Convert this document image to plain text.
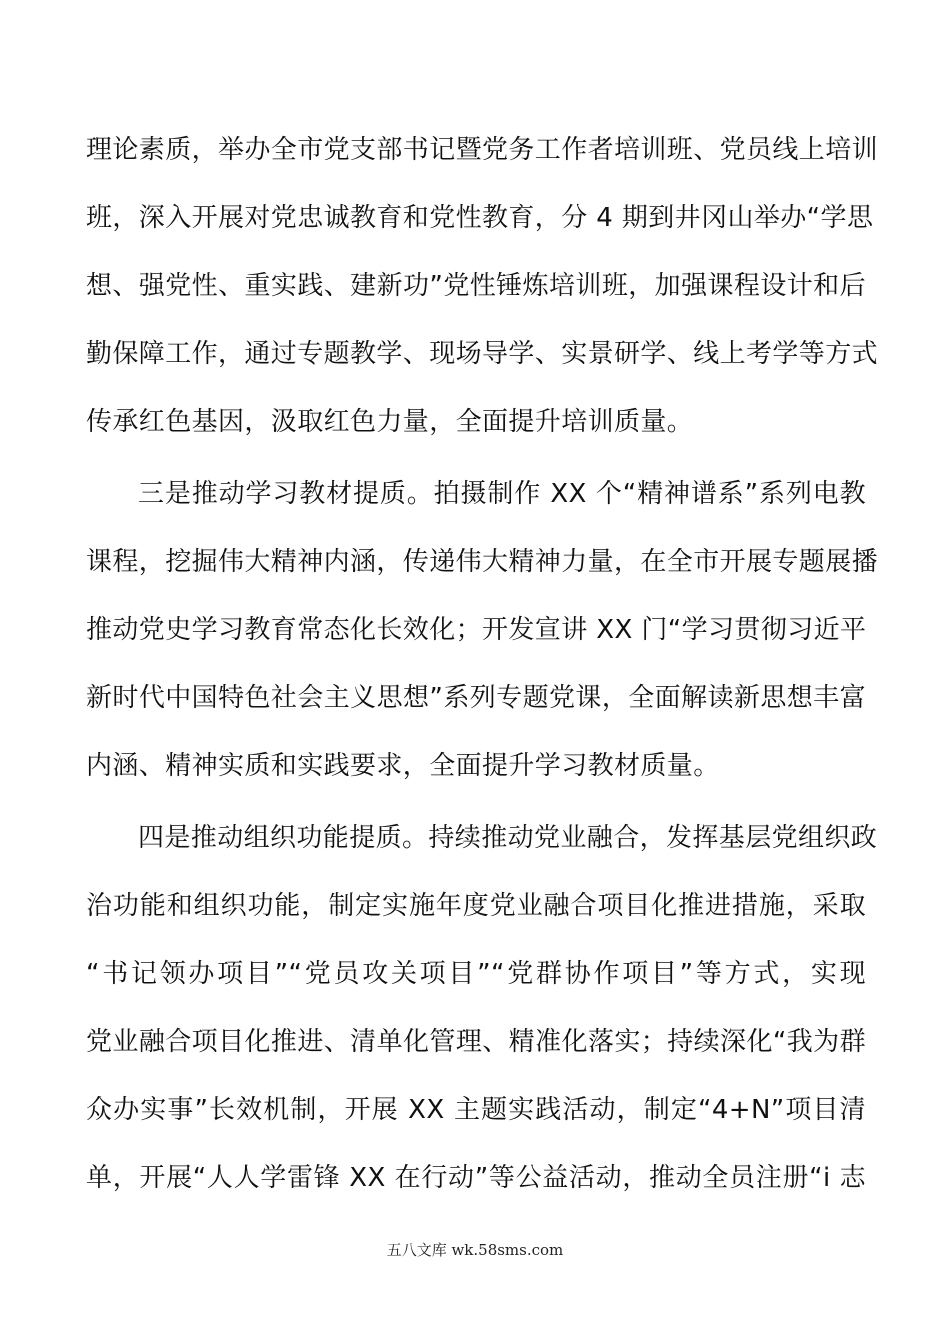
理论素质，举办全市党支部书记暨党务工作者培训班、党员线上培训
班，深入开展对党忠诚教育和党性教育，分 4 期到井冈山举办“学思
想、强党性、重实践、建新功”党性锤炼培训班，加强课程设计和后
勤保障工作，通过专题教学、现场导学、实景研学、线上考学等方式
传承红色基因，汲取红色力量，全面提升培训质量。
三是推动学习教材提质。拍摄制作 XX 个“精神谱系”系列电教
课程，挖掘伟大精神内涵，传递伟大精神力量，在全市开展专题展播
推动党史学习教育常态化长效化；开发宣讲 XX 门“学习贯彻习近平
新时代中国特色社会主义思想”系列专题党课，全面解读新思想丰富
内涵、精神实质和实践要求，全面提升学习教材质量。
四是推动组织功能提质。持续推动党业融合，发挥基层党组织政
治功能和组织功能，制定实施年度党业融合项目化推进措施，采取
“书记领办项目”“党员攻关项目”“党群协作项目”等方式，实现
党业融合项目化推进、清单化管理、精准化落实；持续深化“我为群
众办实事”长效机制，开展 XX 主题实践活动，制定“4+N”项目清
单，开展“人人学雷锋 XX 在行动”等公益活动，推动全员注册“i 志
五八文库 wk.58sms.com
